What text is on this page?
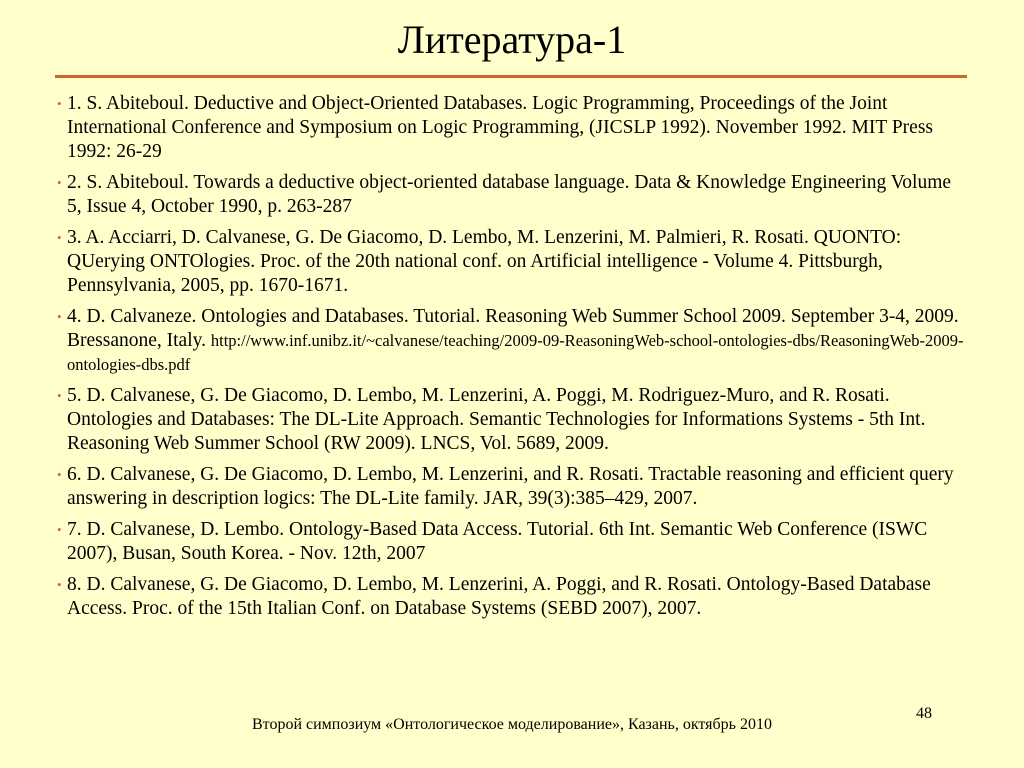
Литература-1
• 1. S. Abiteboul. Deductive and Object-Oriented Databases. Logic Programming, Proceedings of the Joint International Conference and Symposium on Logic Programming, (JICSLP 1992). November 1992. MIT Press 1992: 26-29
• 2. S. Abiteboul. Towards a deductive object-oriented database language. Data & Knowledge Engineering Volume 5, Issue 4, October 1990, p. 263-287
• 3. A. Acciarri, D. Calvanese, G. De Giacomo, D. Lembo, M. Lenzerini, M. Palmieri, R. Rosati. QUONTO: QUerying ONTOlogies. Proc. of the 20th national conf. on Artificial intelligence - Volume 4. Pittsburgh, Pennsylvania, 2005, pp. 1670-1671.
• 4. D. Calvaneze. Ontologies and Databases. Tutorial. Reasoning Web Summer School 2009. September 3-4, 2009. Bressanone, Italy. http://www.inf.unibz.it/~calvanese/teaching/2009-09-ReasoningWeb-school-ontologies-dbs/ReasoningWeb-2009-ontologies-dbs.pdf
• 5. D. Calvanese, G. De Giacomo, D. Lembo, M. Lenzerini, A. Poggi, M. Rodriguez-Muro, and R. Rosati. Ontologies and Databases: The DL-Lite Approach. Semantic Technologies for Informations Systems - 5th Int. Reasoning Web Summer School (RW 2009). LNCS, Vol. 5689, 2009.
• 6. D. Calvanese, G. De Giacomo, D. Lembo, M. Lenzerini, and R. Rosati. Tractable reasoning and efficient query answering in description logics: The DL-Lite family. JAR, 39(3):385–429, 2007.
• 7. D. Calvanese, D. Lembo. Ontology-Based Data Access. Tutorial. 6th Int. Semantic Web Conference (ISWC 2007), Busan, South Korea. - Nov. 12th, 2007
• 8. D. Calvanese, G. De Giacomo, D. Lembo, M. Lenzerini, A. Poggi, and R. Rosati. Ontology-Based Database Access. Proc. of the 15th Italian Conf. on Database Systems (SEBD 2007), 2007.
Второй симпозиум «Онтологическое моделирование», Казань, октябрь 2010
48
